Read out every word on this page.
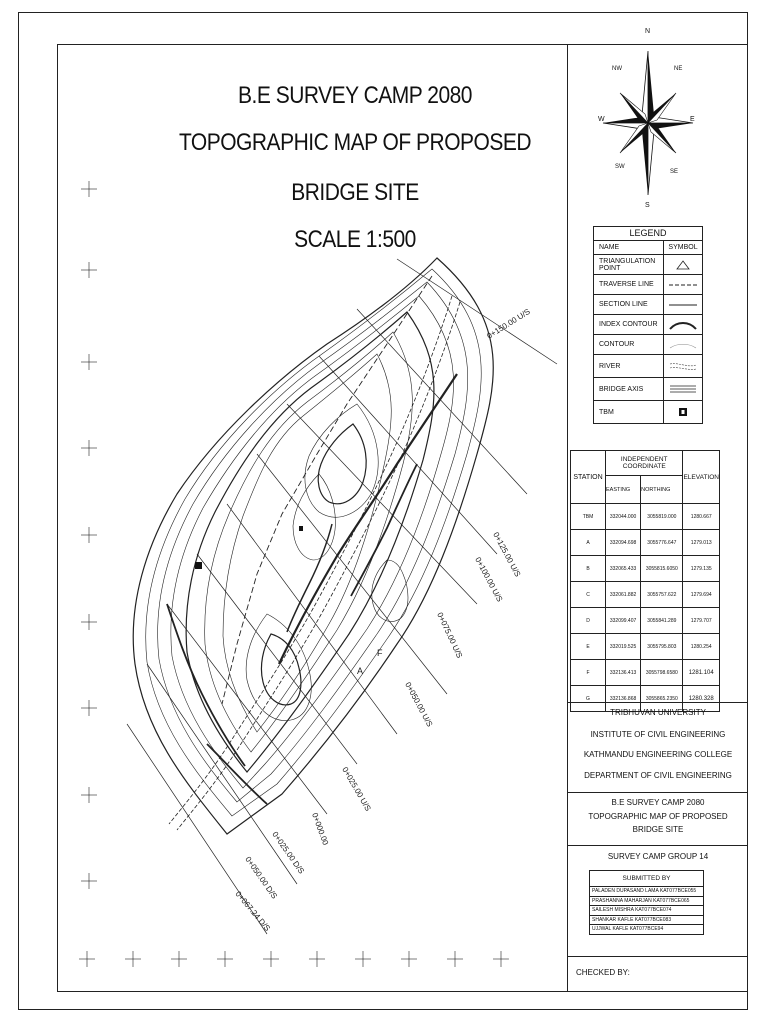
0+150.00 U/S
0+125.00 U/S
0+100.00 U/S
0+075.00 U/S
0+050.00 U/S
0+025.00 U/S
0+000.00
0+025.00 D/S
0+050.00 D/S
0+067.24 D/S
A
F
B.E SURVEY CAMP 2080
TOPOGRAPHIC MAP OF PROPOSED
BRIDGE SITE
SCALE 1:500
N
S
E
W
NE
NW
SE
SW
LEGEND
NAME	SYMBOL
TRIANGULATION POINT
TRAVERSE LINE
SECTION LINE
INDEX CONTOUR
CONTOUR
RIVER
BRIDGE AXIS
TBM
STATION	INDEPENDENT COORDINATE		ELEVATION
	EASTING	NORTHING	
TBM	332044.000	3055819.000	1280.667
A	332094.698	3055776.647	1279.013
B	332065.433	3055815.6050	1279.135
C	332061.882	3055757.622	1279.694
D	332099.407	3055841.289	1279.707
E	332019.525	3055795.803	1280.254
F	332136.413	3055798.6580	1281.104
G	332136.868	3055865.2350	1280.328
TRIBHUVAN UNIVERSITY
INSTITUTE OF CIVIL ENGINEERING
KATHMANDU ENGINEERING COLLEGE
DEPARTMENT OF CIVIL ENGINEERING
B.E SURVEY CAMP 2080
TOPOGRAPHIC MAP OF PROPOSED
BRIDGE SITE
SURVEY CAMP GROUP 14
SUBMITTED BY
PALADEN DUPASAND LAMA KAT077BCE055
PRASHANNA MAHARJAN KAT077BCE065
SAILESH MISHRA KAT077BCE074
SHANKAR KAFLE KAT077BCE083
UJJWAL KAFLE KAT077BCE94
CHECKED BY:
